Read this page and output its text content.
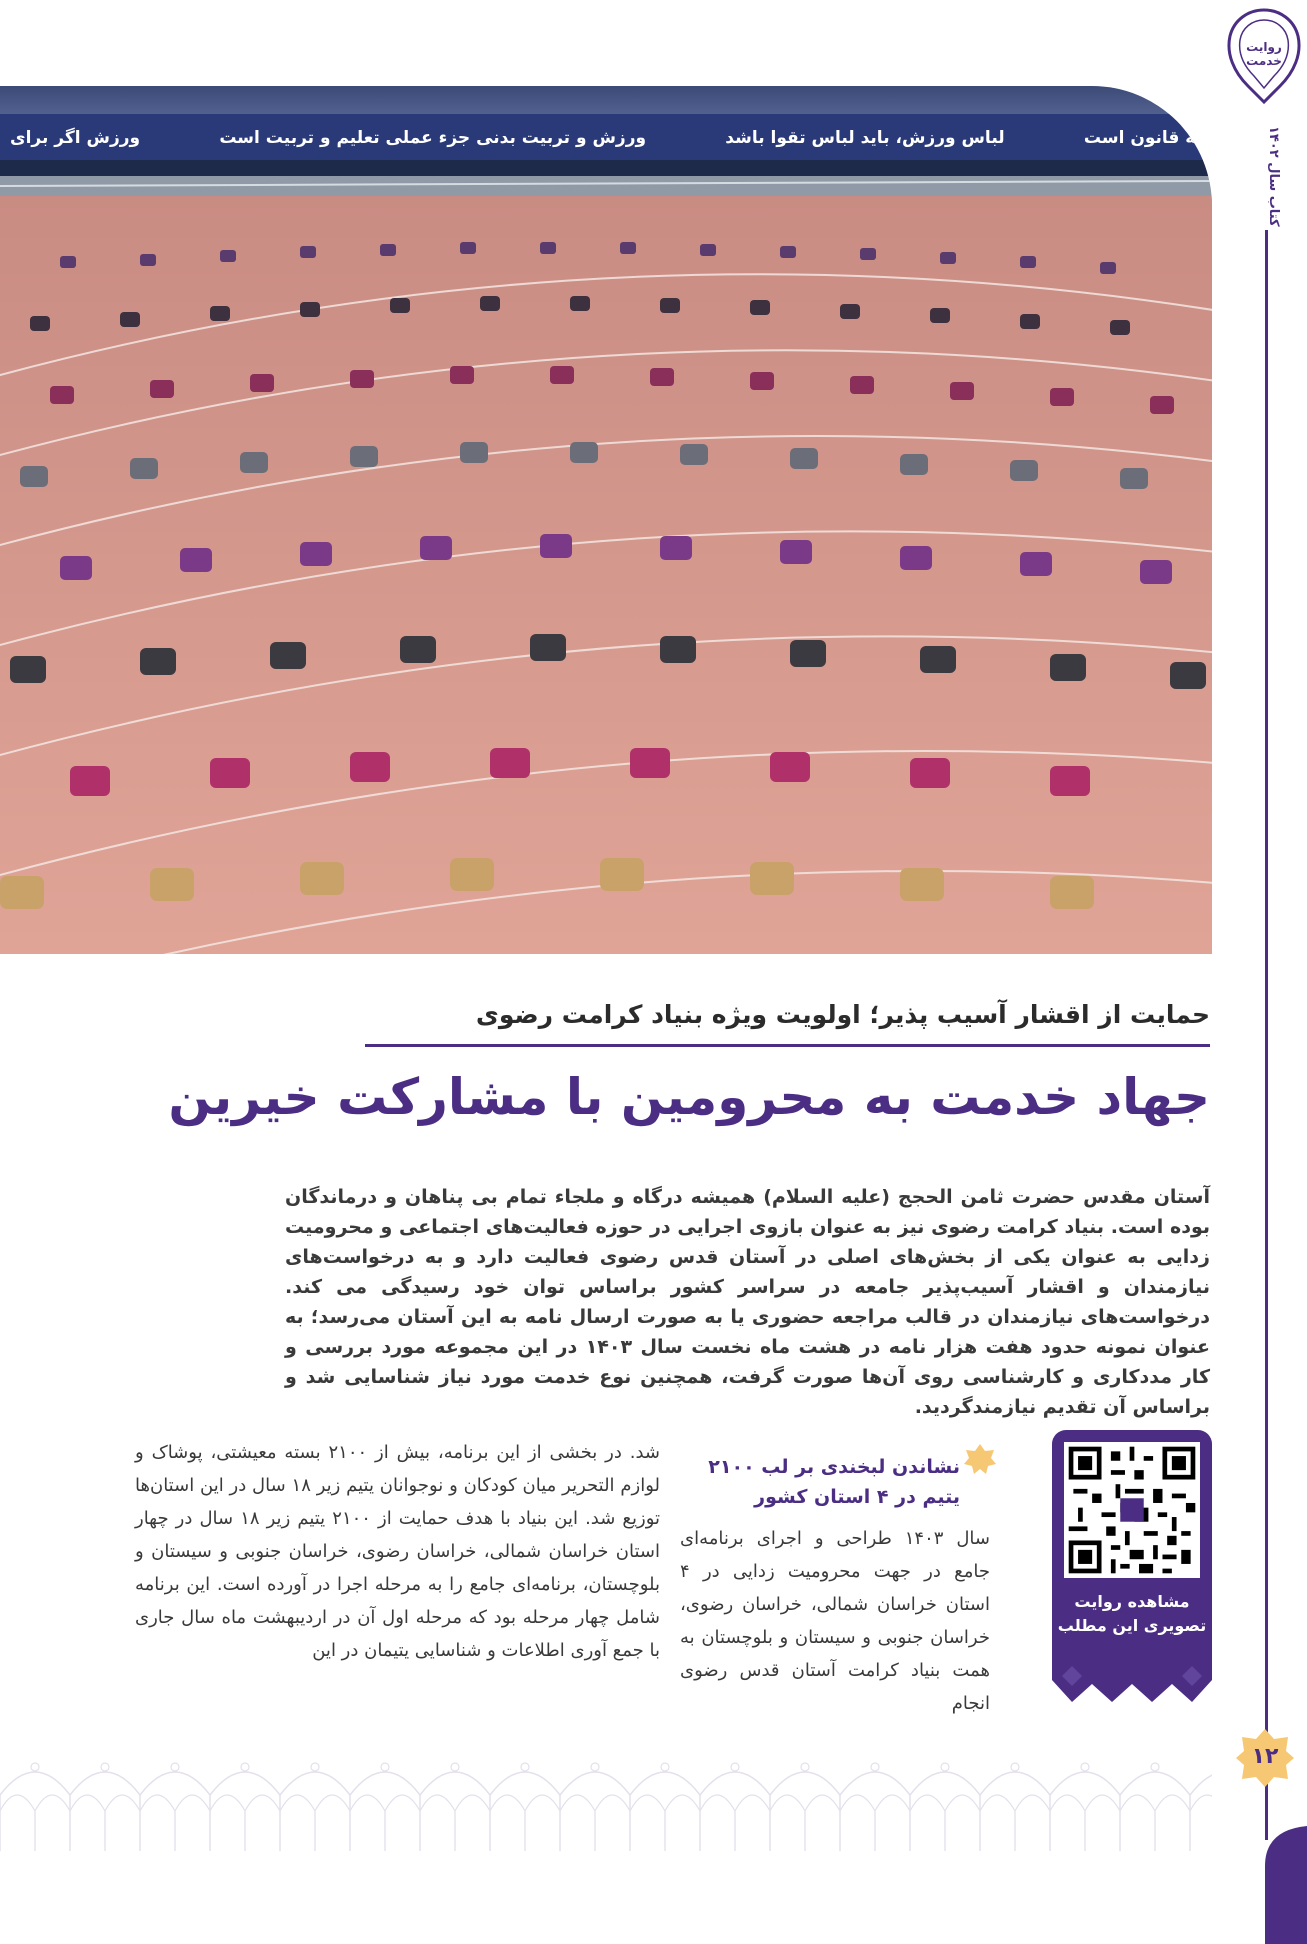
روایت خدمت
کتاب سال ۱۴۰۲
۱۲
به قانون است
لباس ورزش، باید لباس تقوا باشد
ورزش و تربیت بدنی جزء عملی تعلیم و تربیت است
ورزش اگر برای
حمایت از اقشار آسیب پذیر؛ اولویت ویژه بنیاد کرامت رضوی
جهاد خدمت به محرومین با مشارکت خیرین
آستان مقدس حضرت ثامن الحجج (علیه السلام) همیشه درگاه و ملجاء تمام بی پناهان و درماندگان بوده است. بنیاد کرامت رضوی نیز به عنوان بازوی اجرایی در حوزه فعالیت‌های اجتماعی و محرومیت زدایی به عنوان یکی از بخش‌های اصلی در آستان قدس رضوی فعالیت دارد و به درخواست‌های نیازمندان و اقشار آسیب‌پذیر جامعه در سراسر کشور براساس توان خود رسیدگی می کند. درخواست‌های نیازمندان در قالب مراجعه حضوری یا به صورت ارسال نامه به این آستان می‌رسد؛ به عنوان نمونه حدود هفت هزار نامه در هشت ماه نخست سال ۱۴۰۳ در این مجموعه مورد بررسی و کار مددکاری و کارشناسی روی آن‌ها صورت گرفت، همچنین نوع خدمت مورد نیاز شناسایی شد و براساس آن تقدیم نیازمندگردید.
مشاهده روایت تصویری این مطلب
نشاندن لبخندی بر لب ۲۱۰۰ یتیم در ۴ استان کشور
سال ۱۴۰۳ طراحی و اجرای برنامه‌ای جامع در جهت محرومیت زدایی در ۴ استان خراسان شمالی، خراسان رضوی، خراسان جنوبی و سیستان و بلوچستان به همت بنیاد کرامت آستان قدس رضوی انجام
شد. در بخشی از این برنامه، بیش از ۲۱۰۰ بسته معیشتی، پوشاک و لوازم التحریر میان کودکان و نوجوانان یتیم زیر ۱۸ سال در این استان‌ها توزیع شد. این بنیاد با هدف حمایت از ۲۱۰۰ یتیم زیر ۱۸ سال در چهار استان خراسان شمالی، خراسان رضوی، خراسان جنوبی و سیستان و بلوچستان، برنامه‌ای جامع را به مرحله اجرا در آورده است. این برنامه شامل چهار مرحله بود که مرحله اول آن در اردیبهشت ماه سال جاری با جمع آوری اطلاعات و شناسایی یتیمان در این
